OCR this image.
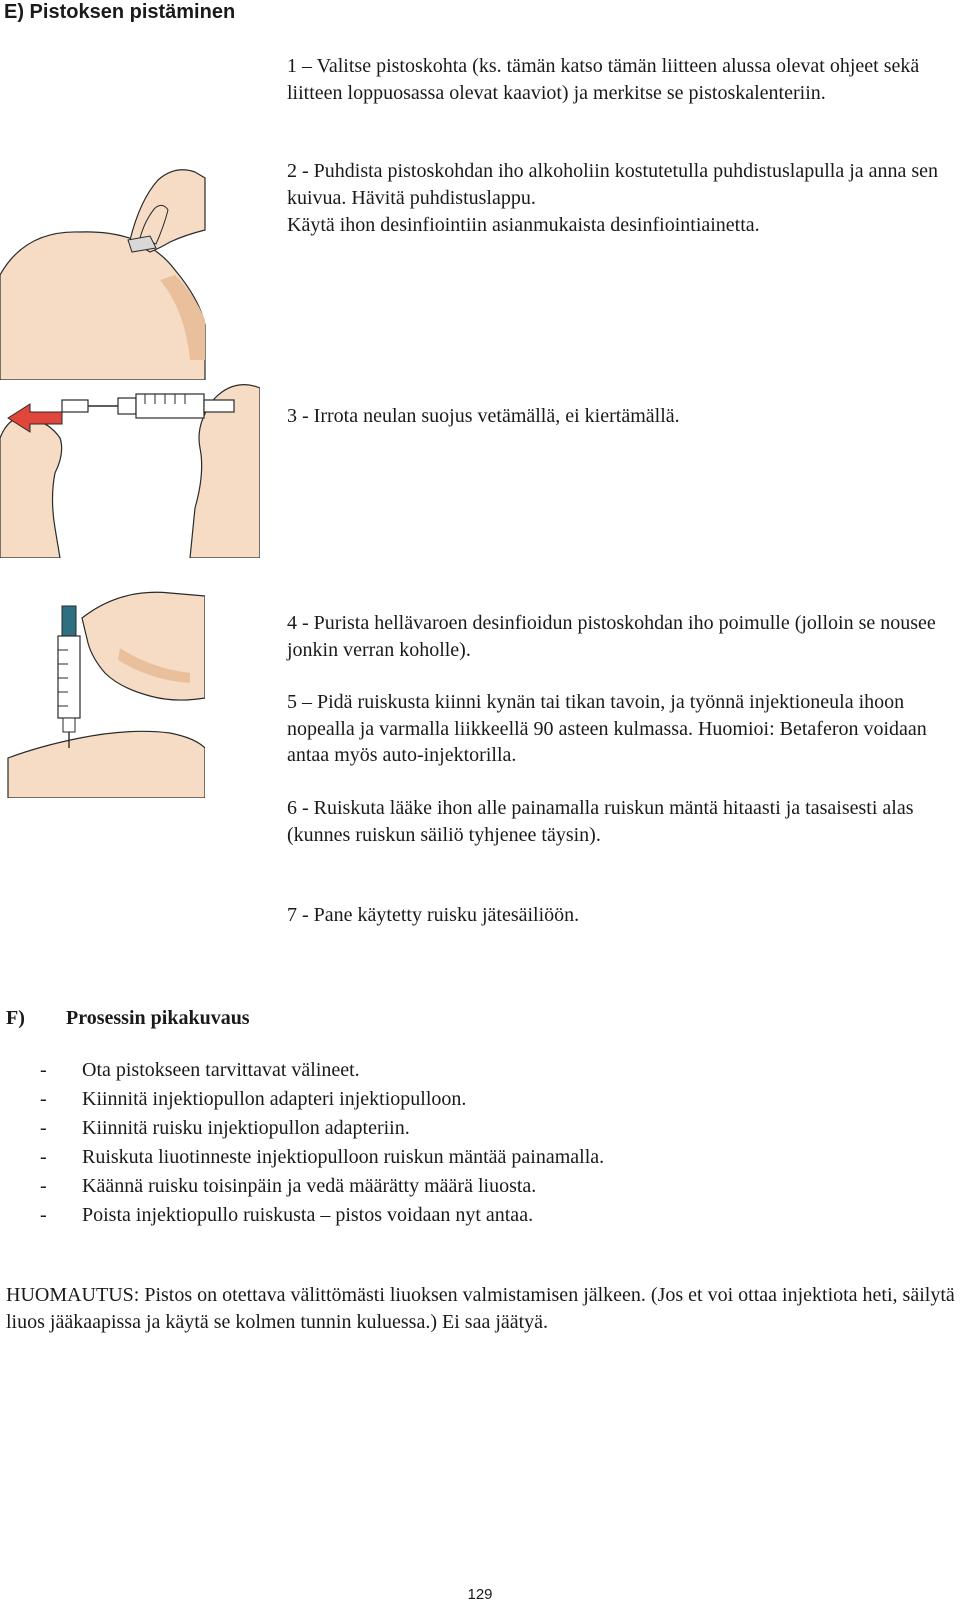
E) Pistoksen pistäminen

1 – Valitse pistoskohta (ks. tämän katso tämän liitteen alussa olevat ohjeet sekä liitteen loppuosassa olevat kaaviot) ja merkitse se pistoskalenteriin.

2 - Puhdista pistoskohdan iho alkoholiin kostutetulla puhdistuslapulla ja anna sen kuivua. Hävitä puhdistuslappu.

Käytä ihon desinfiointiin asianmukaista desinfiointiainetta.

3 - Irrota neulan suojus vetämällä, ei kiertämällä.

4 - Purista hellävaroen desinfioidun pistoskohdan iho poimulle (jolloin se nousee jonkin verran koholle).

5 – Pidä ruiskusta kiinni kynän tai tikan tavoin, ja työnnä injektioneula ihoon nopealla ja varmalla liikkeellä 90 asteen kulmassa. Huomioi: Betaferon voidaan antaa myös auto-injektorilla.

6 - Ruiskuta lääke ihon alle painamalla ruiskun mäntä hitaasti ja tasaisesti alas (kunnes ruiskun säiliö tyhjenee täysin).

7 - Pane käytetty ruisku jätesäiliöön.

F) Prosessin pikakuvaus
-	Ota pistokseen tarvittavat välineet.
-	Kiinnitä injektiopullon adapteri injektiopulloon.
-	Kiinnitä ruisku injektiopullon adapteriin.
-	Ruiskuta liuotinneste injektiopulloon ruiskun mäntää painamalla.
-	Käännä ruisku toisinpäin ja vedä määrätty määrä liuosta.
-	Poista injektiopullo ruiskusta – pistos voidaan nyt antaa.

HUOMAUTUS: Pistos on otettava välittömästi liuoksen valmistamisen jälkeen. (Jos et voi ottaa injektiota heti, säilytä liuos jääkaapissa ja käytä se kolmen tunnin kuluessa.) Ei saa jäätyä.

129
